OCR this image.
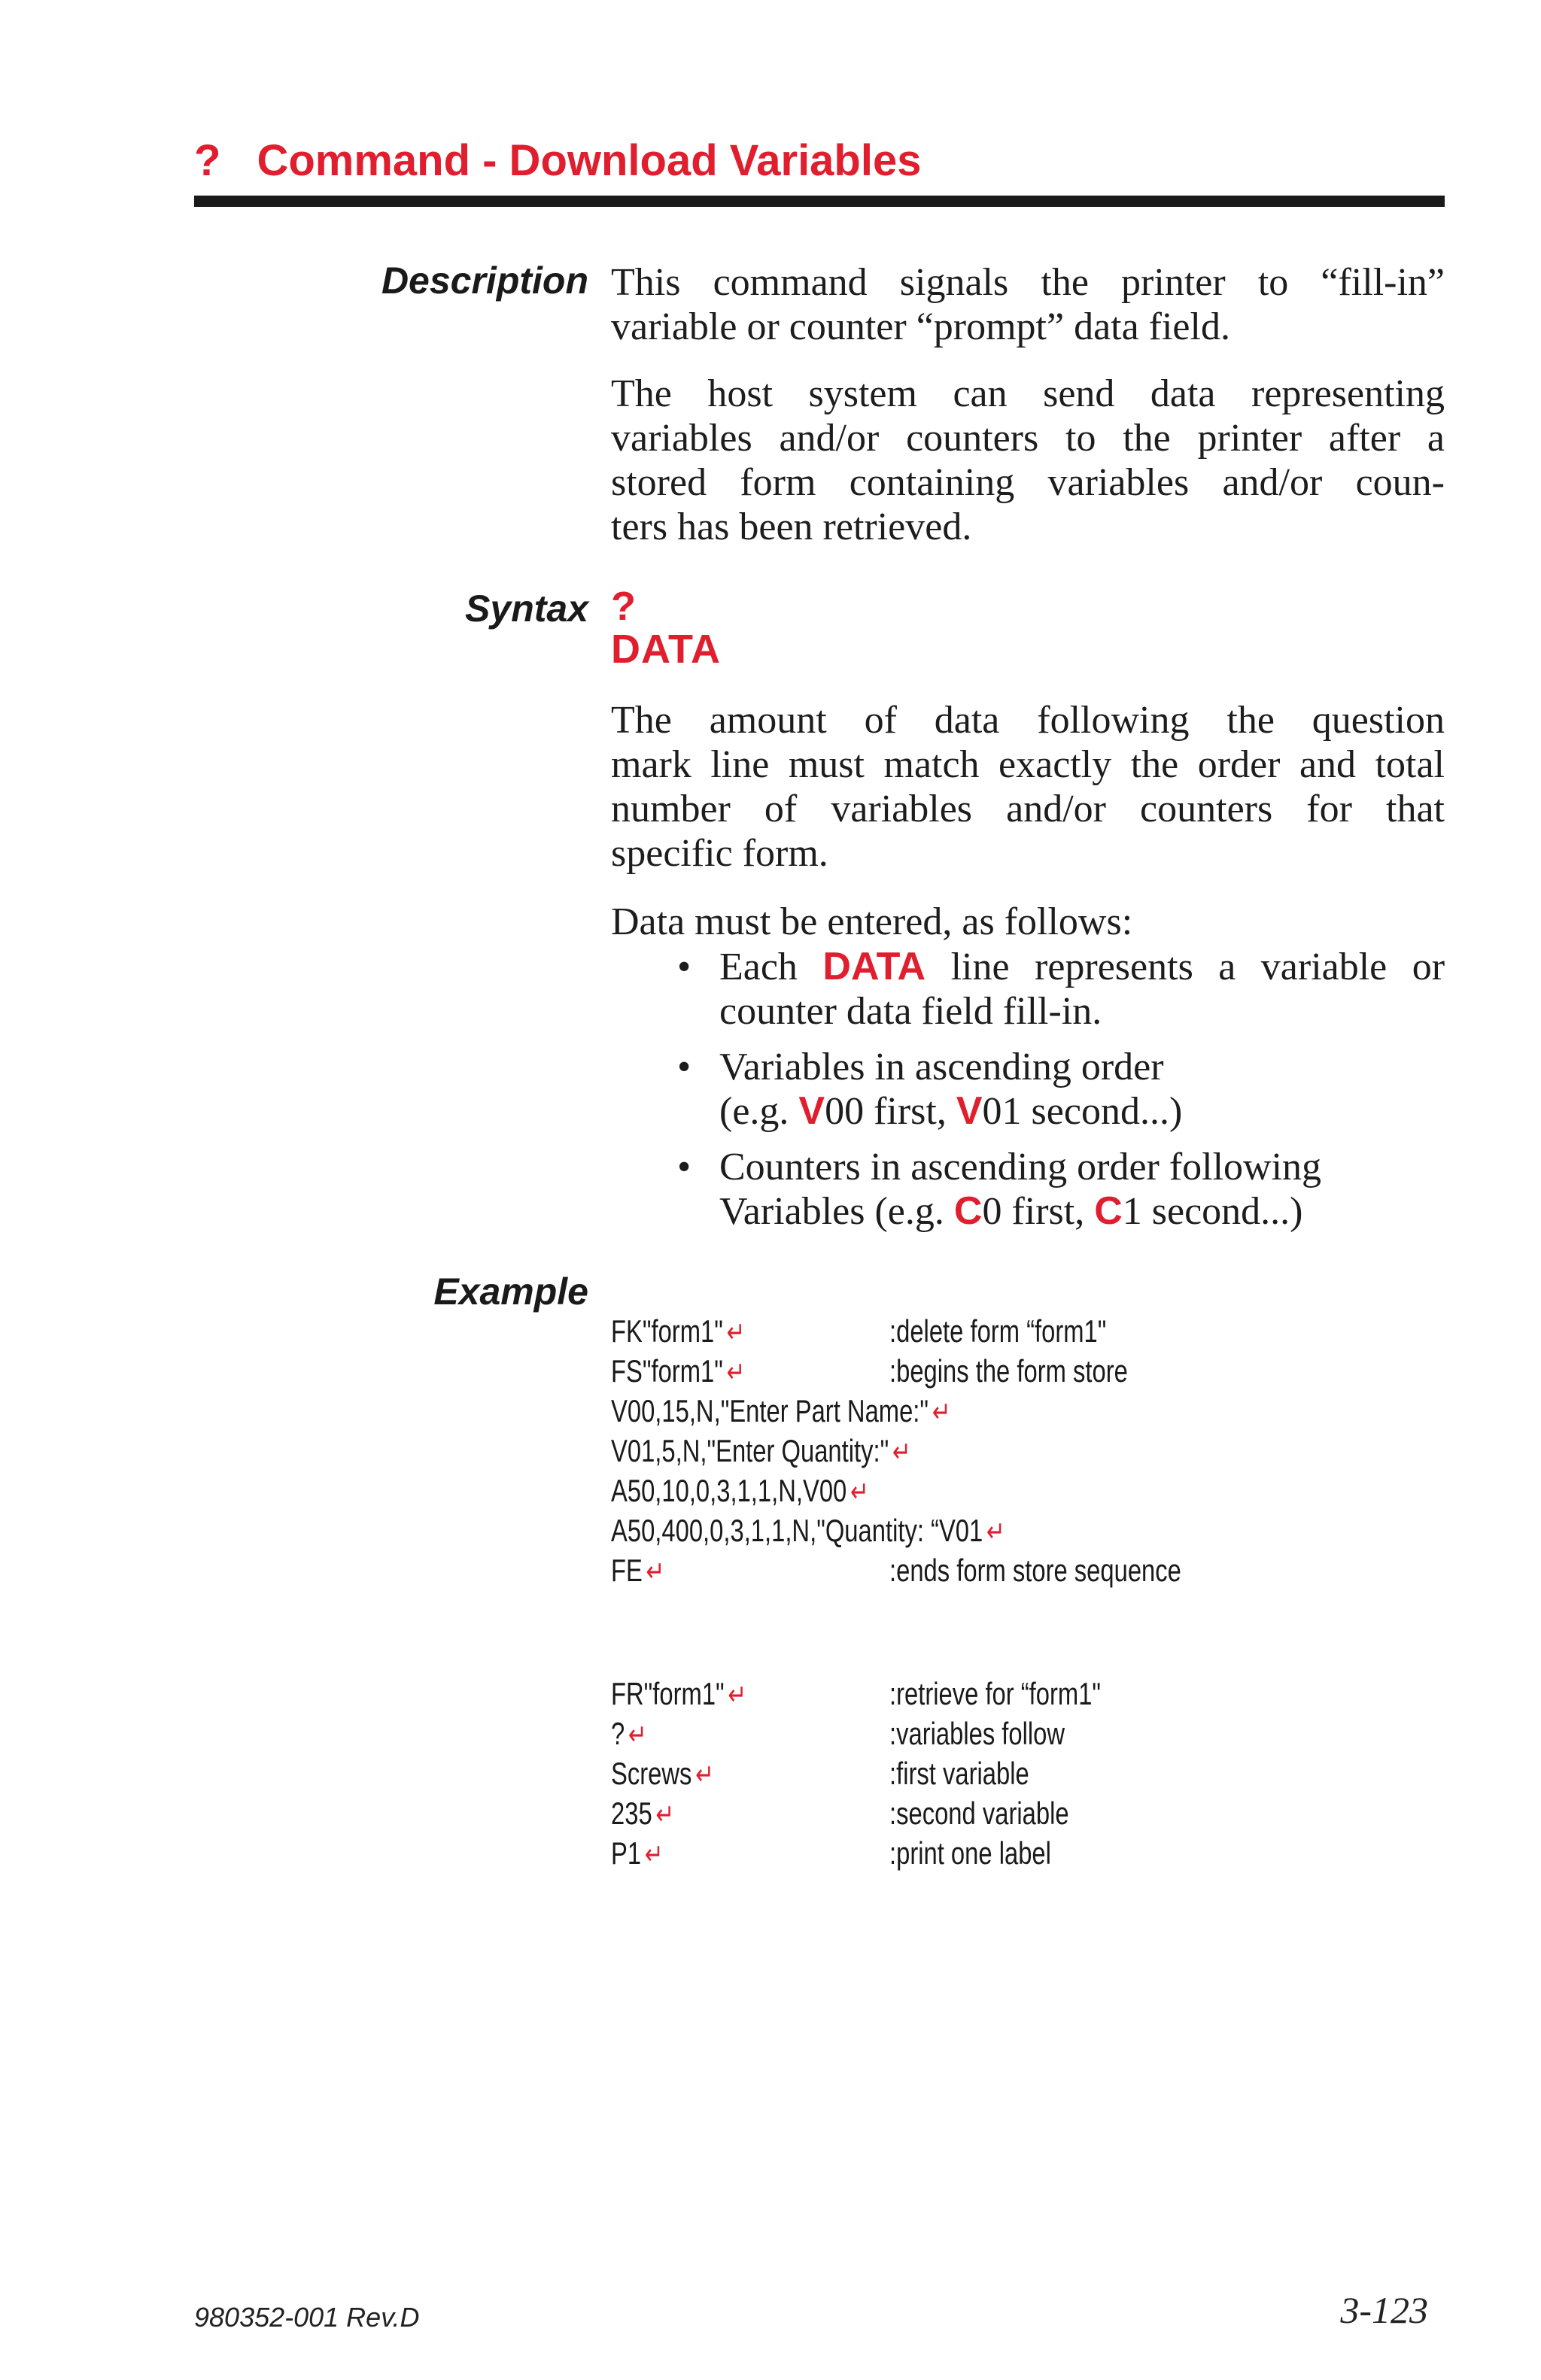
? Command - Download Variables
Description This command signals the printer to “fill-in”
variable or counter “prompt” data field.
The host system can send data representing
variables and/or counters to the printer after a
stored form containing variables and/or coun-
ters has been retrieved.
Syntax ?
DATA
The amount of data following the question
mark line must match exactly the order and total
number of variables and/or counters for that
specific form.
Data must be entered, as follows:
• Each DATA line represents a variable or
counter data field fill-in.
• Variables in ascending order
(e.g. V00 first, V01 second...)
• Counters in ascending order following
Variables (e.g. C0 first, C1 second...)
Example
FK"form1" ↵	:delete form “form1"
FS"form1" ↵	:begins the form store
V00,15,N,"Enter Part Name:" ↵
V01,5,N,"Enter Quantity:" ↵
A50,10,0,3,1,1,N,V00 ↵
A50,400,0,3,1,1,N,"Quantity: “V01 ↵
FE ↵	:ends form store sequence
FR"form1" ↵	:retrieve for “form1"
? ↵	:variables follow
Screws ↵	:first variable
235 ↵	:second variable
P1 ↵	:print one label
980352-001 Rev.D	3-123
